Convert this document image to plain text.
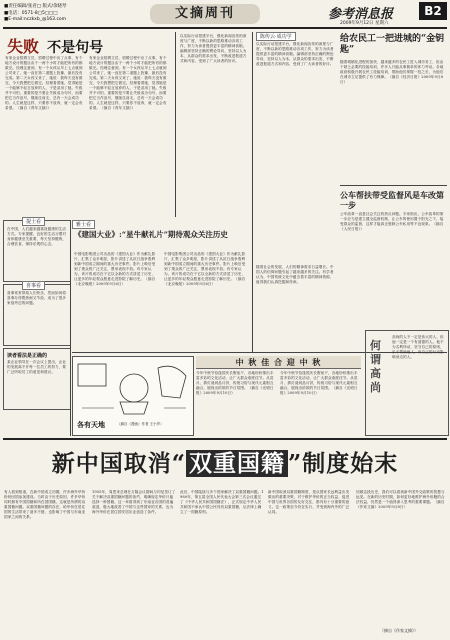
■责任编辑/张君□ 版式/余晓琴
■电话：0571-8□5□□□
■E-mail:nczkxb_@163.com	文摘周刊	参考消息报	B2
2009年9月12日 星期六
失败 不是句号
有家企业招聘文员，招聘过程中出了点事，有个地方设计的题目由于一两个小时才能把所有的都做完。经理注意到，有一个女孩从早上七点就到公司来了，她一直在第二道题上犹豫，最后没有完成。第二天女孩又来了，她说：我昨天没有做完，今天我想把它做完。经理看着她，觉得她是一个能够不轻言放弃的人，于是录用了她。失败并不可怕，重要的是不要让失败成为句号，而要把它当作逗号，继续往前走，总有一天会成功的。人生就是这样，只要你不放弃，就一定会有希望。（摘自《青年文摘》）
有家企业招聘文员，招聘过程中出了点事，有个地方设计的题目由于一两个小时才能把所有的都做完。经理注意到，有一个女孩从早上七点就到公司来了，她一直在第二道题上犹豫，最后没有完成。第二天女孩又来了，她说：我昨天没有做完，今天我想把它做完。经理看着她，觉得她是一个能够不轻言放弃的人，于是录用了她。失败并不可怕，重要的是不要让失败成为句号，而要把它当作逗号，继续往前走，总有一天会成功的。人生就是这样，只要你不放弃，就一定会有希望。（摘自《青年文摘》）
以实际行动搭建平台，强化新闻宣传的深度与广度，不断以新的思路推动各项工作，努力为读者提供更丰富的精神食粮。编辑部坚持正确的舆论导向，坚持以人为本，从群众的需求出发，不断改进报道方式和内容，受到了广大读者的好评。
陈传云·成功学
以实际行动搭建平台，强化新闻宣传的深度与广度，不断以新的思路推动各项工作，努力为读者提供更丰富的精神食粮。编辑部坚持正确的舆论导向，坚持以人为本，从群众的需求出发，不断改进报道方式和内容，受到了广大读者的好评。
给农民工一把进城的“金钥匙”
随着城镇化进程的加快，越来越多的农民工进入城市务工，但由于缺乏必要的技能培训，许多人只能从事简单的体力劳动。各地政府积极开展农民工技能培训，帮助他们掌握一技之长，为他们在城市立足提供了有力保障。（摘自《经济日报》2009年9月8日）
公车帮扶带受监督风是车改第一步
公车改革一直是社会关注的热点问题。专家指出，公车改革的第一步应当是建立健全监督机制，让公车的使用置于阳光之下，接受群众的监督，这样才能真正遏制公车私用等不良现象。（摘自《人民日报》）
提士看
在中国，人们越来越重视健康的生活方式。专家提醒，良好的生活习惯对身体健康至关重要，每天坚持锻炼，合理饮食，保持乐观的心态。
喜事看
喜事常常带给人们快乐，然而如何将喜事办得既热闹又节俭，成为了很多家庭考虑的问题。
读者看法是正确的
某企业领导在一次会议上提出，企业的发展离不开每一位员工的努力，要广泛听取员工的意见和建议。
雅士看
《建国大业》:“星牛献礼片”期待观众关注历史
中国电影集团公司出品的《建国大业》作为献礼影片，汇集了众多明星，影片讲述了从抗日战争胜利到新中国成立期间的重大历史事件。影片上映后受到了观众的广泛关注，票房表现不俗。有专家认为，该片的成功在于它以全新的方式讲述了历史，让更多的年轻观众愿意走进影院了解历史。（摘自《北京晚报》2009年9月6日）
中国电影集团公司出品的《建国大业》作为献礼影片，汇集了众多明星，影片讲述了从抗日战争胜利到新中国成立期间的重大历史事件。影片上映后受到了观众的广泛关注，票房表现不俗。有专家认为，该片的成功在于它以全新的方式讲述了历史，让更多的年轻观众愿意走进影院了解历史。（摘自《北京晚报》2009年9月6日）
随着社会的发展，人们的精神需求日益增长。中国人的信仰问题引起了越来越多的关注。有学者认为，中国传统文化中蕴含着丰富的精神资源，值得我们认真挖掘和传承。
各有天地	（摘自《漫画》作者 王小亭）
中 秋 佳 合 迎 中 秋
今年中秋节恰逢国庆长假前夕，各地纷纷推出丰富多彩的文化活动，让广大群众欢度佳节。从赏月、猜灯谜到品月饼，传统习俗与现代元素相互融合，展现出浓浓的节日氛围。（摘自《光明日报》2009年9月10日）
今年中秋节恰逢国庆长假前夕，各地纷纷推出丰富多彩的文化活动，让广大群众欢度佳节。从赏月、猜灯谜到品月饼，传统习俗与现代元素相互融合，展现出浓浓的节日氛围。（摘自《光明日报》2009年9月10日）
何谓高尚
高尚的人不一定是伟大的人，但他一定是一个有道德的人。他不为名利所动，坚守自己的原则，乐于帮助他人，用自己的行动影响身边的人。
新中国取消“ 双重国籍 ”制度始末
有人看到报道，在新中国成立初期，许多海外华侨纷纷回国参加建设。当时由于历史原因，许多华侨同时拥有中国国籍和所在国国籍，这就是所谓的双重国籍问题。双重国籍问题的存在，给华侨在居住国的生活带来了诸多不便，也影响了中国与东南亚国家之间的关系。
1955年，周恩来总理在万隆会议期间与印尼签订了关于解决双重国籍问题的条约，明确规定华侨只能选择一种国籍。这一举措得到了东南亚各国的普遍欢迎，极大地改善了中国与这些国家的关系，也为海外华侨在居住国安居乐业创造了条件。
此后，中国陆续与多个国家解决了双重国籍问题。1980年，第五届全国人民代表大会第三次会议通过了《中华人民共和国国籍法》，正式规定中华人民共和国不承认中国公民具有双重国籍，从法律上确立了一国籍原则。
新中国取消双重国籍制度，是从国家长远利益出发做出的重要决策，对于维护华侨的正当权益、促进中国与世界各国的友好交往，都具有十分重要的意义。这一政策至今仍在实行，并受到海内外的广泛认同。
回顾这段历史，我们可以看到新中国外交政策的智慧与远见。在新的历史时期，如何更好地维护海外侨胞的合法权益，仍然是一个值得深入思考的重要课题。（摘自《作家文摘》2009年9月8日）
（摘自《作家文摘》）
